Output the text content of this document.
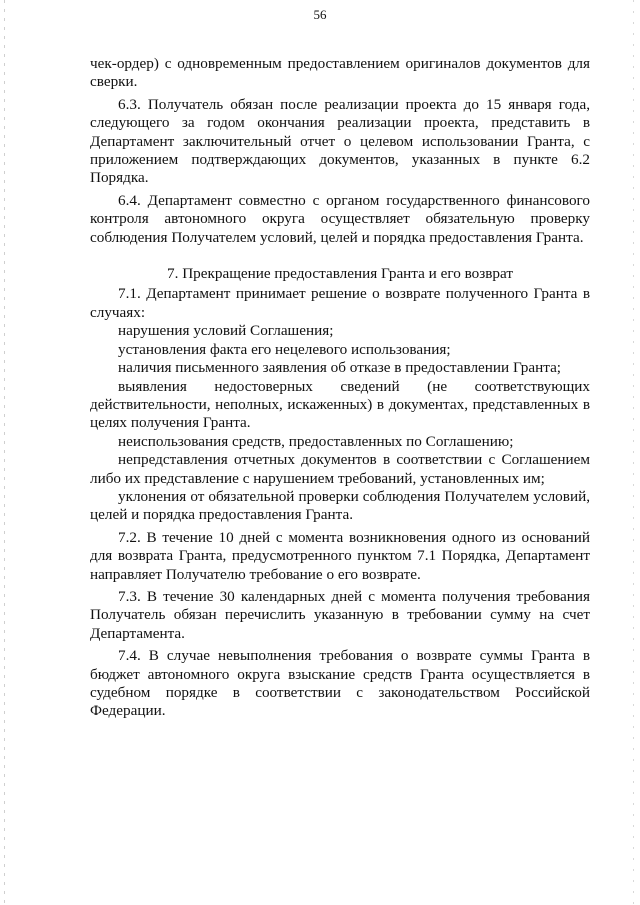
56

чек-ордер) с одновременным предоставлением оригиналов документов для сверки.

6.3. Получатель обязан после реализации проекта до 15 января года, следующего за годом окончания реализации проекта, представить в Департамент заключительный отчет о целевом использовании Гранта, с приложением подтверждающих документов, указанных в пункте 6.2 Порядка.

6.4. Департамент совместно с органом государственного финансового контроля автономного округа осуществляет обязательную проверку соблюдения Получателем условий, целей и порядка предоставления Гранта.

7. Прекращение предоставления Гранта и его возврат

7.1. Департамент принимает решение о возврате полученного Гранта в случаях:

нарушения условий Соглашения;

установления факта его нецелевого использования;

наличия письменного заявления об отказе в предоставлении Гранта;

выявления недостоверных сведений (не соответствующих действительности, неполных, искаженных) в документах, представленных в целях получения Гранта.

неиспользования средств, предоставленных по Соглашению;

непредставления отчетных документов в соответствии с Соглашением либо их представление с нарушением требований, установленных им;

уклонения от обязательной проверки соблюдения Получателем условий, целей и порядка предоставления Гранта.

7.2. В течение 10 дней с момента возникновения одного из оснований для возврата Гранта, предусмотренного пунктом 7.1 Порядка, Департамент направляет Получателю требование о его возврате.

7.3. В течение 30 календарных дней с момента получения требования Получатель обязан перечислить указанную в требовании сумму на счет Департамента.

7.4. В случае невыполнения требования о возврате суммы Гранта в бюджет автономного округа взыскание средств Гранта осуществляется в судебном порядке в соответствии с законодательством Российской Федерации.
